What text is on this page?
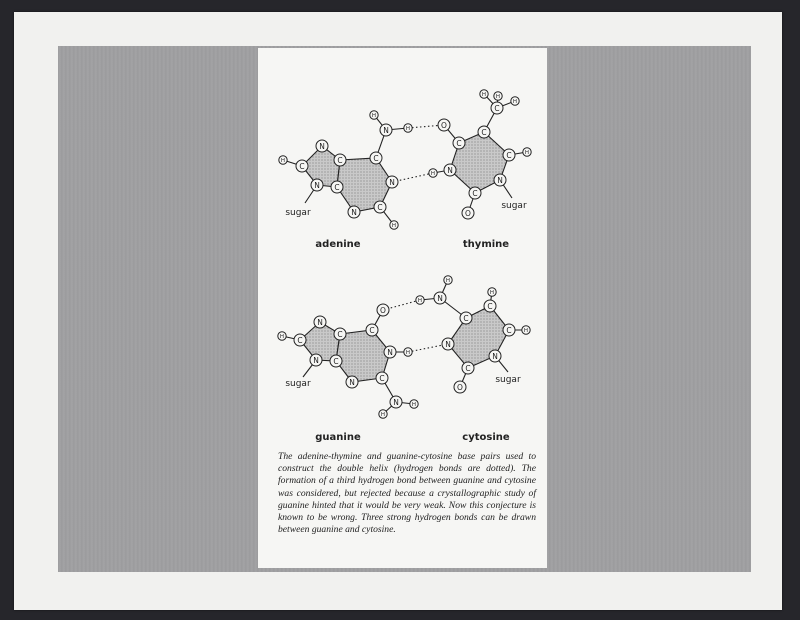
N
C
N C
C	C
N
C
N
N
H
H
H
H
C
C
C
N
C
N
C
O
O
H
H
H H
H
N
C
N C
C	C
N
C
N
N
O
H
H
H
H
C
C
C
N
C
N
N
O
H
H
H
H
sugar
sugar
adenine	thymine
sugar	sugar
guanine	cytosine

The adenine-thymine and guanine-cytosine base pairs used to construct the double helix (hydrogen bonds are dotted). The formation of a third hydrogen bond between guanine and cytosine was considered, but rejected because a crystallographic study of guanine hinted that it would be very weak. Now this conjecture is known to be wrong. Three strong hydrogen bonds can be drawn between guanine and cytosine.
